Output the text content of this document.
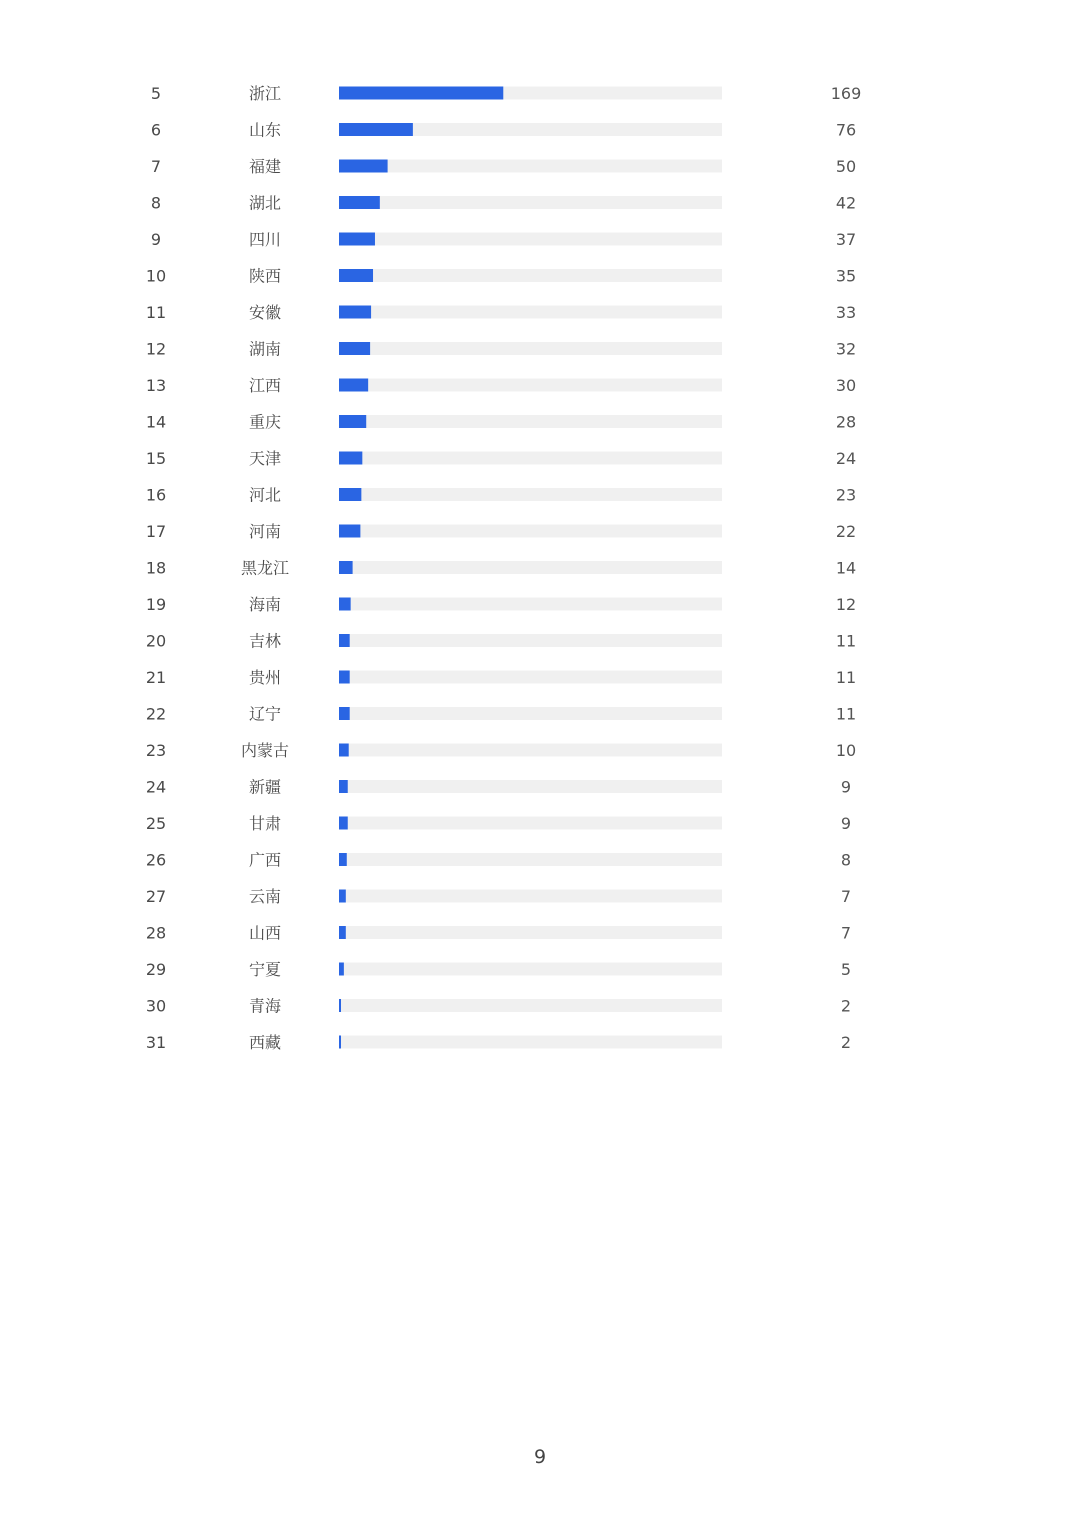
5	浙江	169
6	山东	76
7	福建	50
8	湖北	42
9	四川	37
10	陕西	35
11	安徽	33
12	湖南	32
13	江西	30
14	重庆	28
15	天津	24
16	河北	23
17	河南	22
18	黑龙江	14
19	海南	12
20	吉林	11
21	贵州	11
22	辽宁	11
23	内蒙古	10
24	新疆	9
25	甘肃	9
26	广西	8
27	云南	7
28	山西	7
29	宁夏	5
30	青海	2
31	西藏	2
9
